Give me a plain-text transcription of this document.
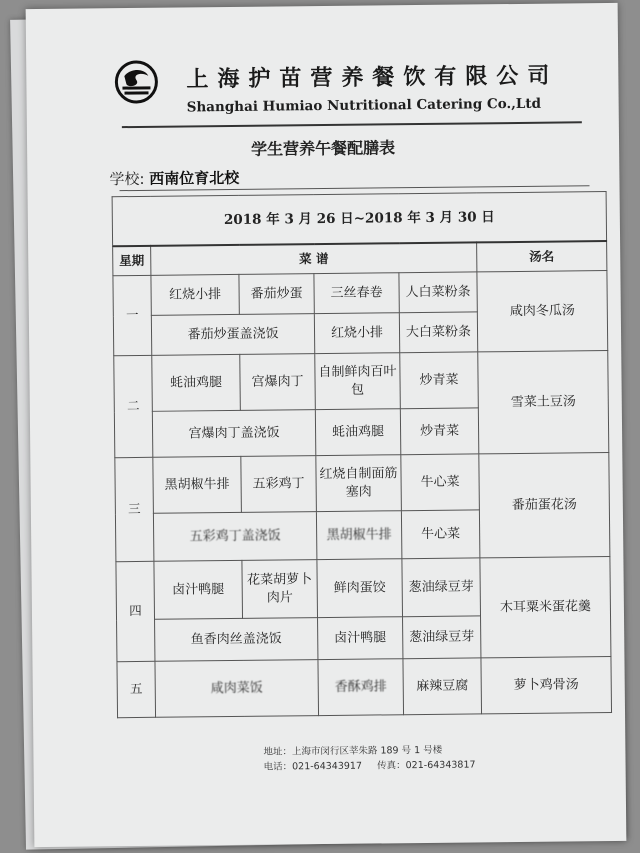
上海护苗营养餐饮有限公司
Shanghai Humiao Nutritional Catering Co.,Ltd
学生营养午餐配膳表
学校: 西南位育北校
2018 年 3 月 26 日~2018 年 3 月 30 日					
星期	菜 谱				汤名
一	红烧小排	番茄炒蛋	三丝春卷	人白菜粉条	咸肉冬瓜汤
	番茄炒蛋盖浇饭		红烧小排	大白菜粉条	
二	蚝油鸡腿	宫爆肉丁	自制鲜肉百叶包	炒青菜	雪菜土豆汤
	宫爆肉丁盖浇饭		蚝油鸡腿	炒青菜	
三	黑胡椒牛排	五彩鸡丁	红烧自制面筋塞肉	牛心菜	番茄蛋花汤
	五彩鸡丁盖浇饭		黑胡椒牛排	牛心菜	
四	卤汁鸭腿	花菜胡萝卜肉片	鲜肉蛋饺	葱油绿豆芽	木耳粟米蛋花羹
	鱼香肉丝盖浇饭		卤汁鸭腿	葱油绿豆芽	
五	咸肉菜饭		香酥鸡排	麻辣豆腐	萝卜鸡骨汤
地址：上海市闵行区莘朱路 189 号 1 号楼
电话：021-64343917 传真：021-64343817
